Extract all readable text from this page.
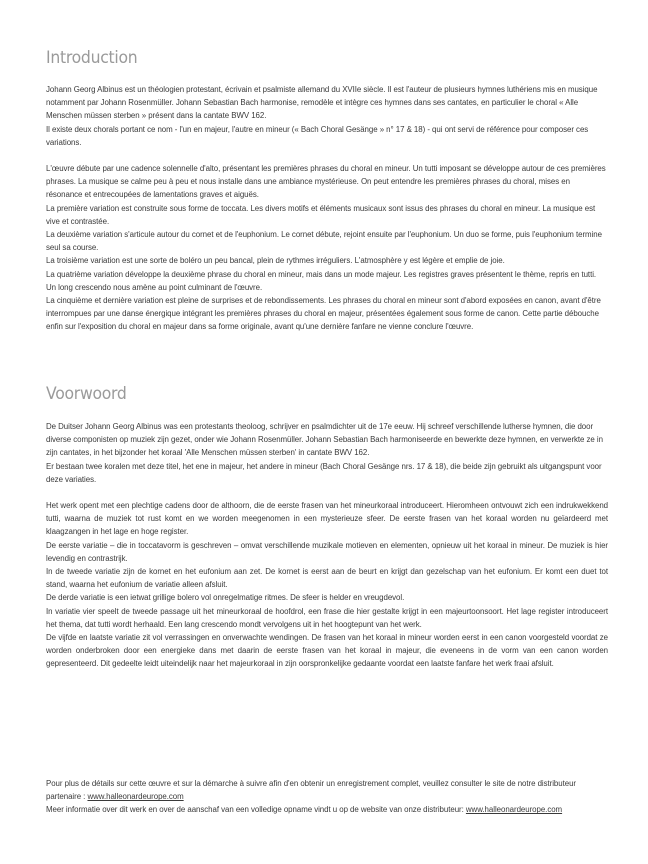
Introduction

Johann Georg Albinus est un théologien protestant, écrivain et psalmiste allemand du XVIIe siècle. Il est l'auteur de plusieurs hymnes luthériens mis en musique notamment par Johann Rosenmüller. Johann Sebastian Bach harmonise, remodèle et intègre ces hymnes dans ses cantates, en particulier le choral « Alle Menschen müssen sterben » présent dans la cantate BWV 162.

Il existe deux chorals portant ce nom - l'un en majeur, l'autre en mineur (« Bach Choral Gesänge » n° 17 & 18) - qui ont servi de référence pour composer ces variations.

L'œuvre débute par une cadence solennelle d'alto, présentant les premières phrases du choral en mineur. Un tutti imposant se développe autour de ces premières phrases. La musique se calme peu à peu et nous installe dans une ambiance mystérieuse. On peut entendre les premières phrases du choral, mises en résonance et entrecoupées de lamentations graves et aiguës.

La première variation est construite sous forme de toccata. Les divers motifs et éléments musicaux sont issus des phrases du choral en mineur. La musique est vive et contrastée.

La deuxième variation s'articule autour du cornet et de l'euphonium. Le cornet débute, rejoint ensuite par l'euphonium. Un duo se forme, puis l'euphonium termine seul sa course.

La troisième variation est une sorte de boléro un peu bancal, plein de rythmes irréguliers. L'atmosphère y est légère et emplie de joie.

La quatrième variation développe la deuxième phrase du choral en mineur, mais dans un mode majeur. Les registres graves présentent le thème, repris en tutti. Un long crescendo nous amène au point culminant de l'œuvre.

La cinquième et dernière variation est pleine de surprises et de rebondissements. Les phrases du choral en mineur sont d'abord exposées en canon, avant d'être interrompues par une danse énergique intégrant les premières phrases du choral en majeur, présentées également sous forme de canon. Cette partie débouche enfin sur l'exposition du choral en majeur dans sa forme originale, avant qu'une dernière fanfare ne vienne conclure l'œuvre.

Voorwoord

De Duitser Johann Georg Albinus was een protestants theoloog, schrijver en psalmdichter uit de 17e eeuw. Hij schreef verschillende lutherse hymnen, die door diverse componisten op muziek zijn gezet, onder wie Johann Rosenmüller. Johann Sebastian Bach harmoniseerde en bewerkte deze hymnen, en verwerkte ze in zijn cantates, in het bijzonder het koraal 'Alle Menschen müssen sterben' in cantate BWV 162.

Er bestaan twee koralen met deze titel, het ene in majeur, het andere in mineur (Bach Choral Gesänge nrs. 17 & 18), die beide zijn gebruikt als uitgangspunt voor deze variaties.

Het werk opent met een plechtige cadens door de althoorn, die de eerste frasen van het mineurkoraal introduceert. Hieromheen ontvouwt zich een indrukwekkend tutti, waarna de muziek tot rust komt en we worden meegenomen in een mysterieuze sfeer. De eerste frasen van het koraal worden nu geïardeerd met klaagzangen in het lage en hoge register.

De eerste variatie – die in toccatavorm is geschreven – omvat verschillende muzikale motieven en elementen, opnieuw uit het koraal in mineur. De muziek is hier levendig en contrastrijk.

In de tweede variatie zijn de kornet en het eufonium aan zet. De kornet is eerst aan de beurt en krijgt dan gezelschap van het eufonium. Er komt een duet tot stand, waarna het eufonium de variatie alleen afsluit.

De derde variatie is een ietwat grillige bolero vol onregelmatige ritmes. De sfeer is helder en vreugdevol.

In variatie vier speelt de tweede passage uit het mineurkoraal de hoofdrol, een frase die hier gestalte krijgt in een majeurtoonsoort. Het lage register introduceert het thema, dat tutti wordt herhaald. Een lang crescendo mondt vervolgens uit in het hoogtepunt van het werk.

De vijfde en laatste variatie zit vol verrassingen en onverwachte wendingen. De frasen van het koraal in mineur worden eerst in een canon voorgesteld voordat ze worden onderbroken door een energieke dans met daarin de eerste frasen van het koraal in majeur, die eveneens in de vorm van een canon worden gepresenteerd. Dit gedeelte leidt uiteindelijk naar het majeurkoraal in zijn oorspronkelijke gedaante voordat een laatste fanfare het werk fraai afsluit.

Pour plus de détails sur cette œuvre et sur la démarche à suivre afin d'en obtenir un enregistrement complet, veuillez consulter le site de notre distributeur partenaire : www.halleonardeurope.com

Meer informatie over dit werk en over de aanschaf van een volledige opname vindt u op de website van onze distributeur: www.halleonardeurope.com
